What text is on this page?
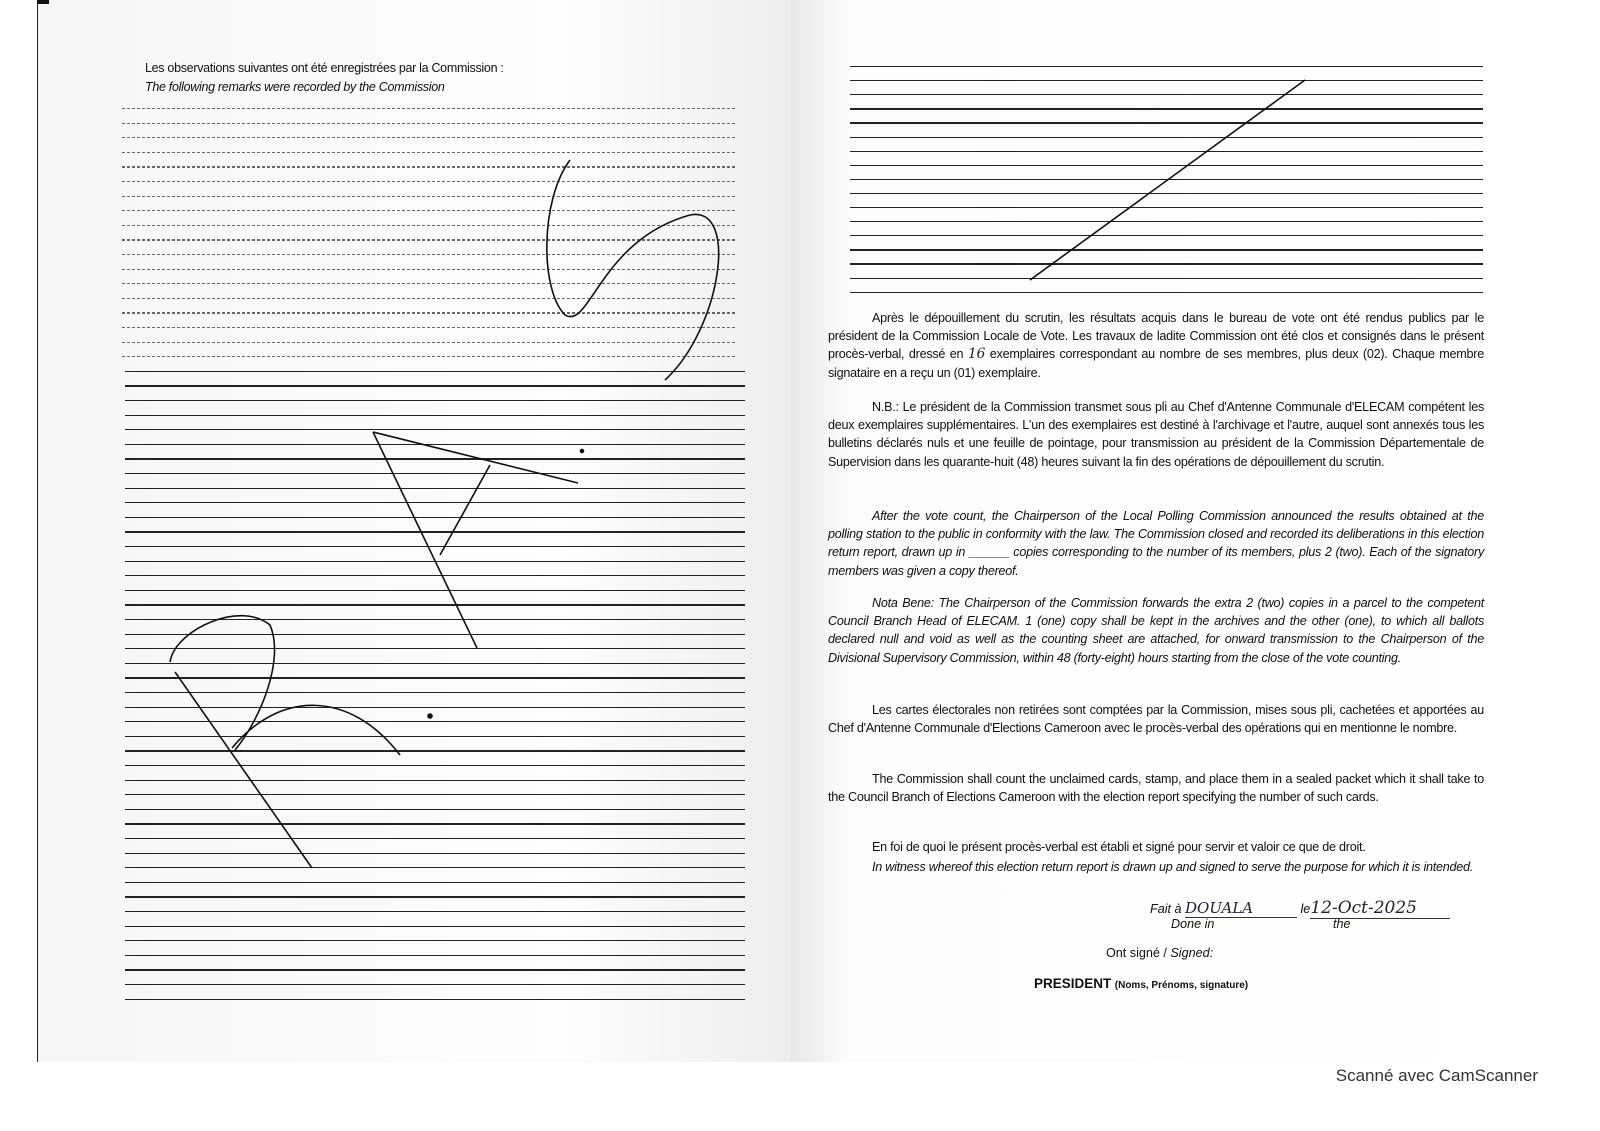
Les observations suivantes ont été enregistrées par la Commission :
The following remarks were recorded by the Commission
Après le dépouillement du scrutin, les résultats acquis dans le bureau de vote ont été rendus publics par le président de la Commission Locale de Vote. Les travaux de ladite Commission ont été clos et consignés dans le présent procès-verbal, dressé en 16 exemplaires correspondant au nombre de ses membres, plus deux (02). Chaque membre signataire en a reçu un (01) exemplaire.
N.B.: Le président de la Commission transmet sous pli au Chef d'Antenne Communale d'ELECAM compétent les deux exemplaires supplémentaires. L'un des exemplaires est destiné à l'archivage et l'autre, auquel sont annexés tous les bulletins déclarés nuls et une feuille de pointage, pour transmission au président de la Commission Départementale de Supervision dans les quarante-huit (48) heures suivant la fin des opérations de dépouillement du scrutin.
After the vote count, the Chairperson of the Local Polling Commission announced the results obtained at the polling station to the public in conformity with the law. The Commission closed and recorded its deliberations in this election return report, drawn up in ______ copies corresponding to the number of its members, plus 2 (two). Each of the signatory members was given a copy thereof.
Nota Bene: The Chairperson of the Commission forwards the extra 2 (two) copies in a parcel to the competent Council Branch Head of ELECAM. 1 (one) copy shall be kept in the archives and the other (one), to which all ballots declared null and void as well as the counting sheet are attached, for onward transmission to the Chairperson of the Divisional Supervisory Commission, within 48 (forty-eight) hours starting from the close of the vote counting.
Les cartes électorales non retirées sont comptées par la Commission, mises sous pli, cachetées et apportées au Chef d'Antenne Communale d'Elections Cameroon avec le procès-verbal des opérations qui en mentionne le nombre.
The Commission shall count the unclaimed cards, stamp, and place them in a sealed packet which it shall take to the Council Branch of Elections Cameroon with the election report specifying the number of such cards.
En foi de quoi le présent procès-verbal est établi et signé pour servir et valoir ce que de droit.
In witness whereof this election return report is drawn up and signed to serve the purpose for which it is intended.
Fait à DOUALA	le12-Oct-2025
Done in	the
Ont signé / Signed:
PRESIDENT (Noms, Prénoms, signature)
Scanné avec CamScanner
